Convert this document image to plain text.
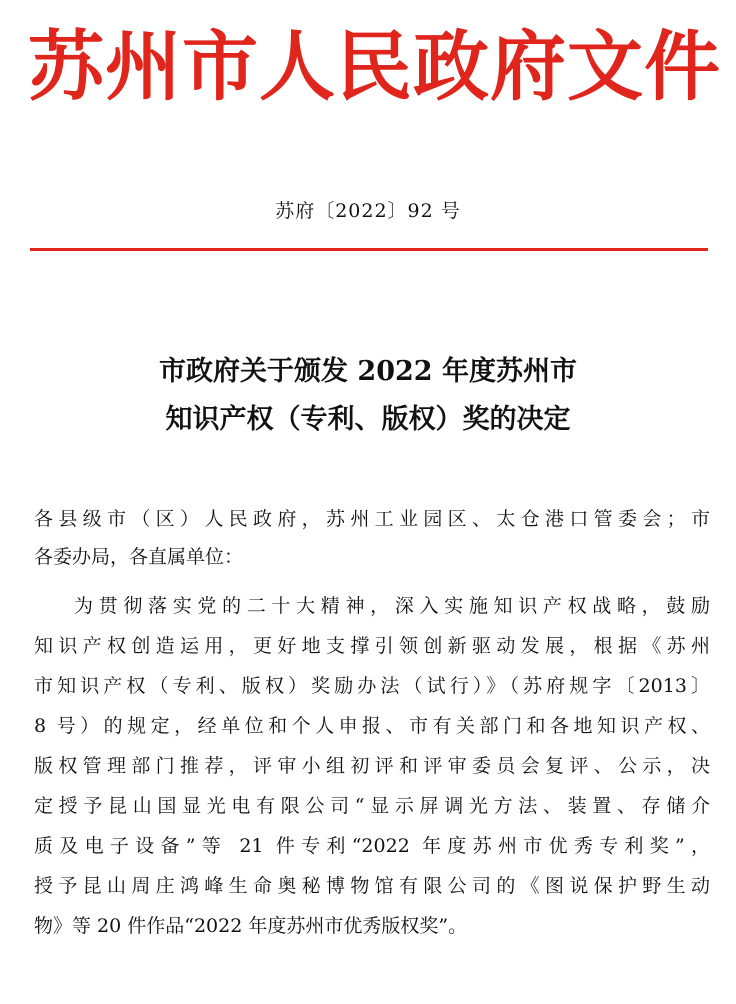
苏州市人民政府文件
苏府〔2022〕92 号
市政府关于颁发 2022 年度苏州市
知识产权（专利、版权）奖的决定
各县级市（区）人民政府，苏州工业园区、太仓港口管委会；市
各委办局，各直属单位：
为贯彻落实党的二十大精神，深入实施知识产权战略，鼓励
知识产权创造运用，更好地支撑引领创新驱动发展，根据《苏州
市知识产权（专利、版权）奖励办法（试行）》（苏府规字〔2013〕
8 号）的规定，经单位和个人申报、市有关部门和各地知识产权、
版权管理部门推荐，评审小组初评和评审委员会复评、公示，决
定授予昆山国显光电有限公司“显示屏调光方法、装置、存储介
质及电子设备”等 21 件专利“2022 年度苏州市优秀专利奖”，
授予昆山周庄鸿峰生命奥秘博物馆有限公司的《图说保护野生动
物》等 20 件作品“2022 年度苏州市优秀版权奖”。
